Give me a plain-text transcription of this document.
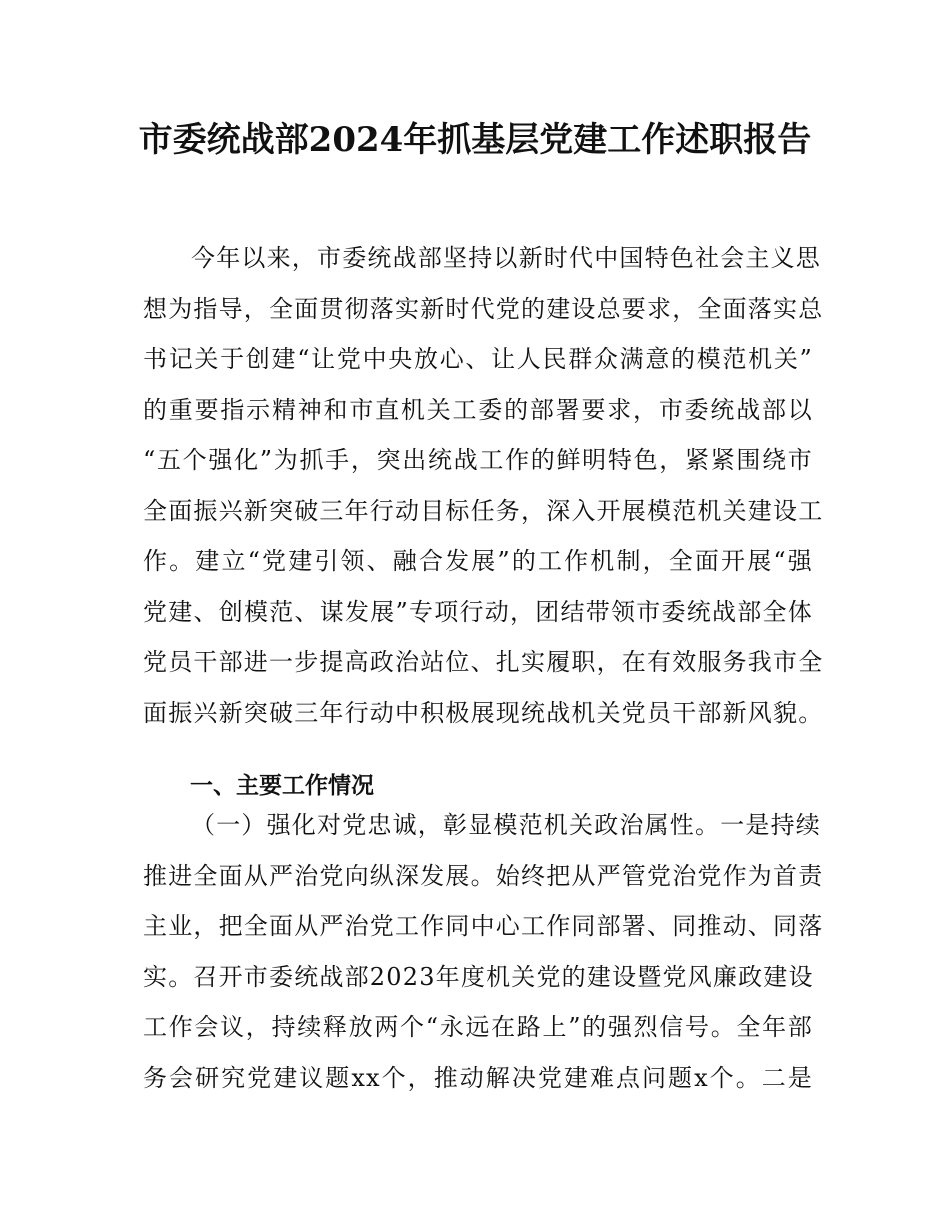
市委统战部2024年抓基层党建工作述职报告
今年以来，市委统战部坚持以新时代中国特色社会主义思
想为指导，全面贯彻落实新时代党的建设总要求，全面落实总
书记关于创建“让党中央放心、让人民群众满意的模范机关”
的重要指示精神和市直机关工委的部署要求，市委统战部以
“五个强化”为抓手，突出统战工作的鲜明特色，紧紧围绕市
全面振兴新突破三年行动目标任务，深入开展模范机关建设工
作。建立“党建引领、融合发展”的工作机制，全面开展“强
党建、创模范、谋发展”专项行动，团结带领市委统战部全体
党员干部进一步提高政治站位、扎实履职，在有效服务我市全
面振兴新突破三年行动中积极展现统战机关党员干部新风貌。
一、主要工作情况
（一）强化对党忠诚，彰显模范机关政治属性。一是持续
推进全面从严治党向纵深发展。始终把从严管党治党作为首责
主业，把全面从严治党工作同中心工作同部署、同推动、同落
实。召开市委统战部2023年度机关党的建设暨党风廉政建设
工作会议，持续释放两个“永远在路上”的强烈信号。全年部
务会研究党建议题xx个，推动解决党建难点问题x个。二是
